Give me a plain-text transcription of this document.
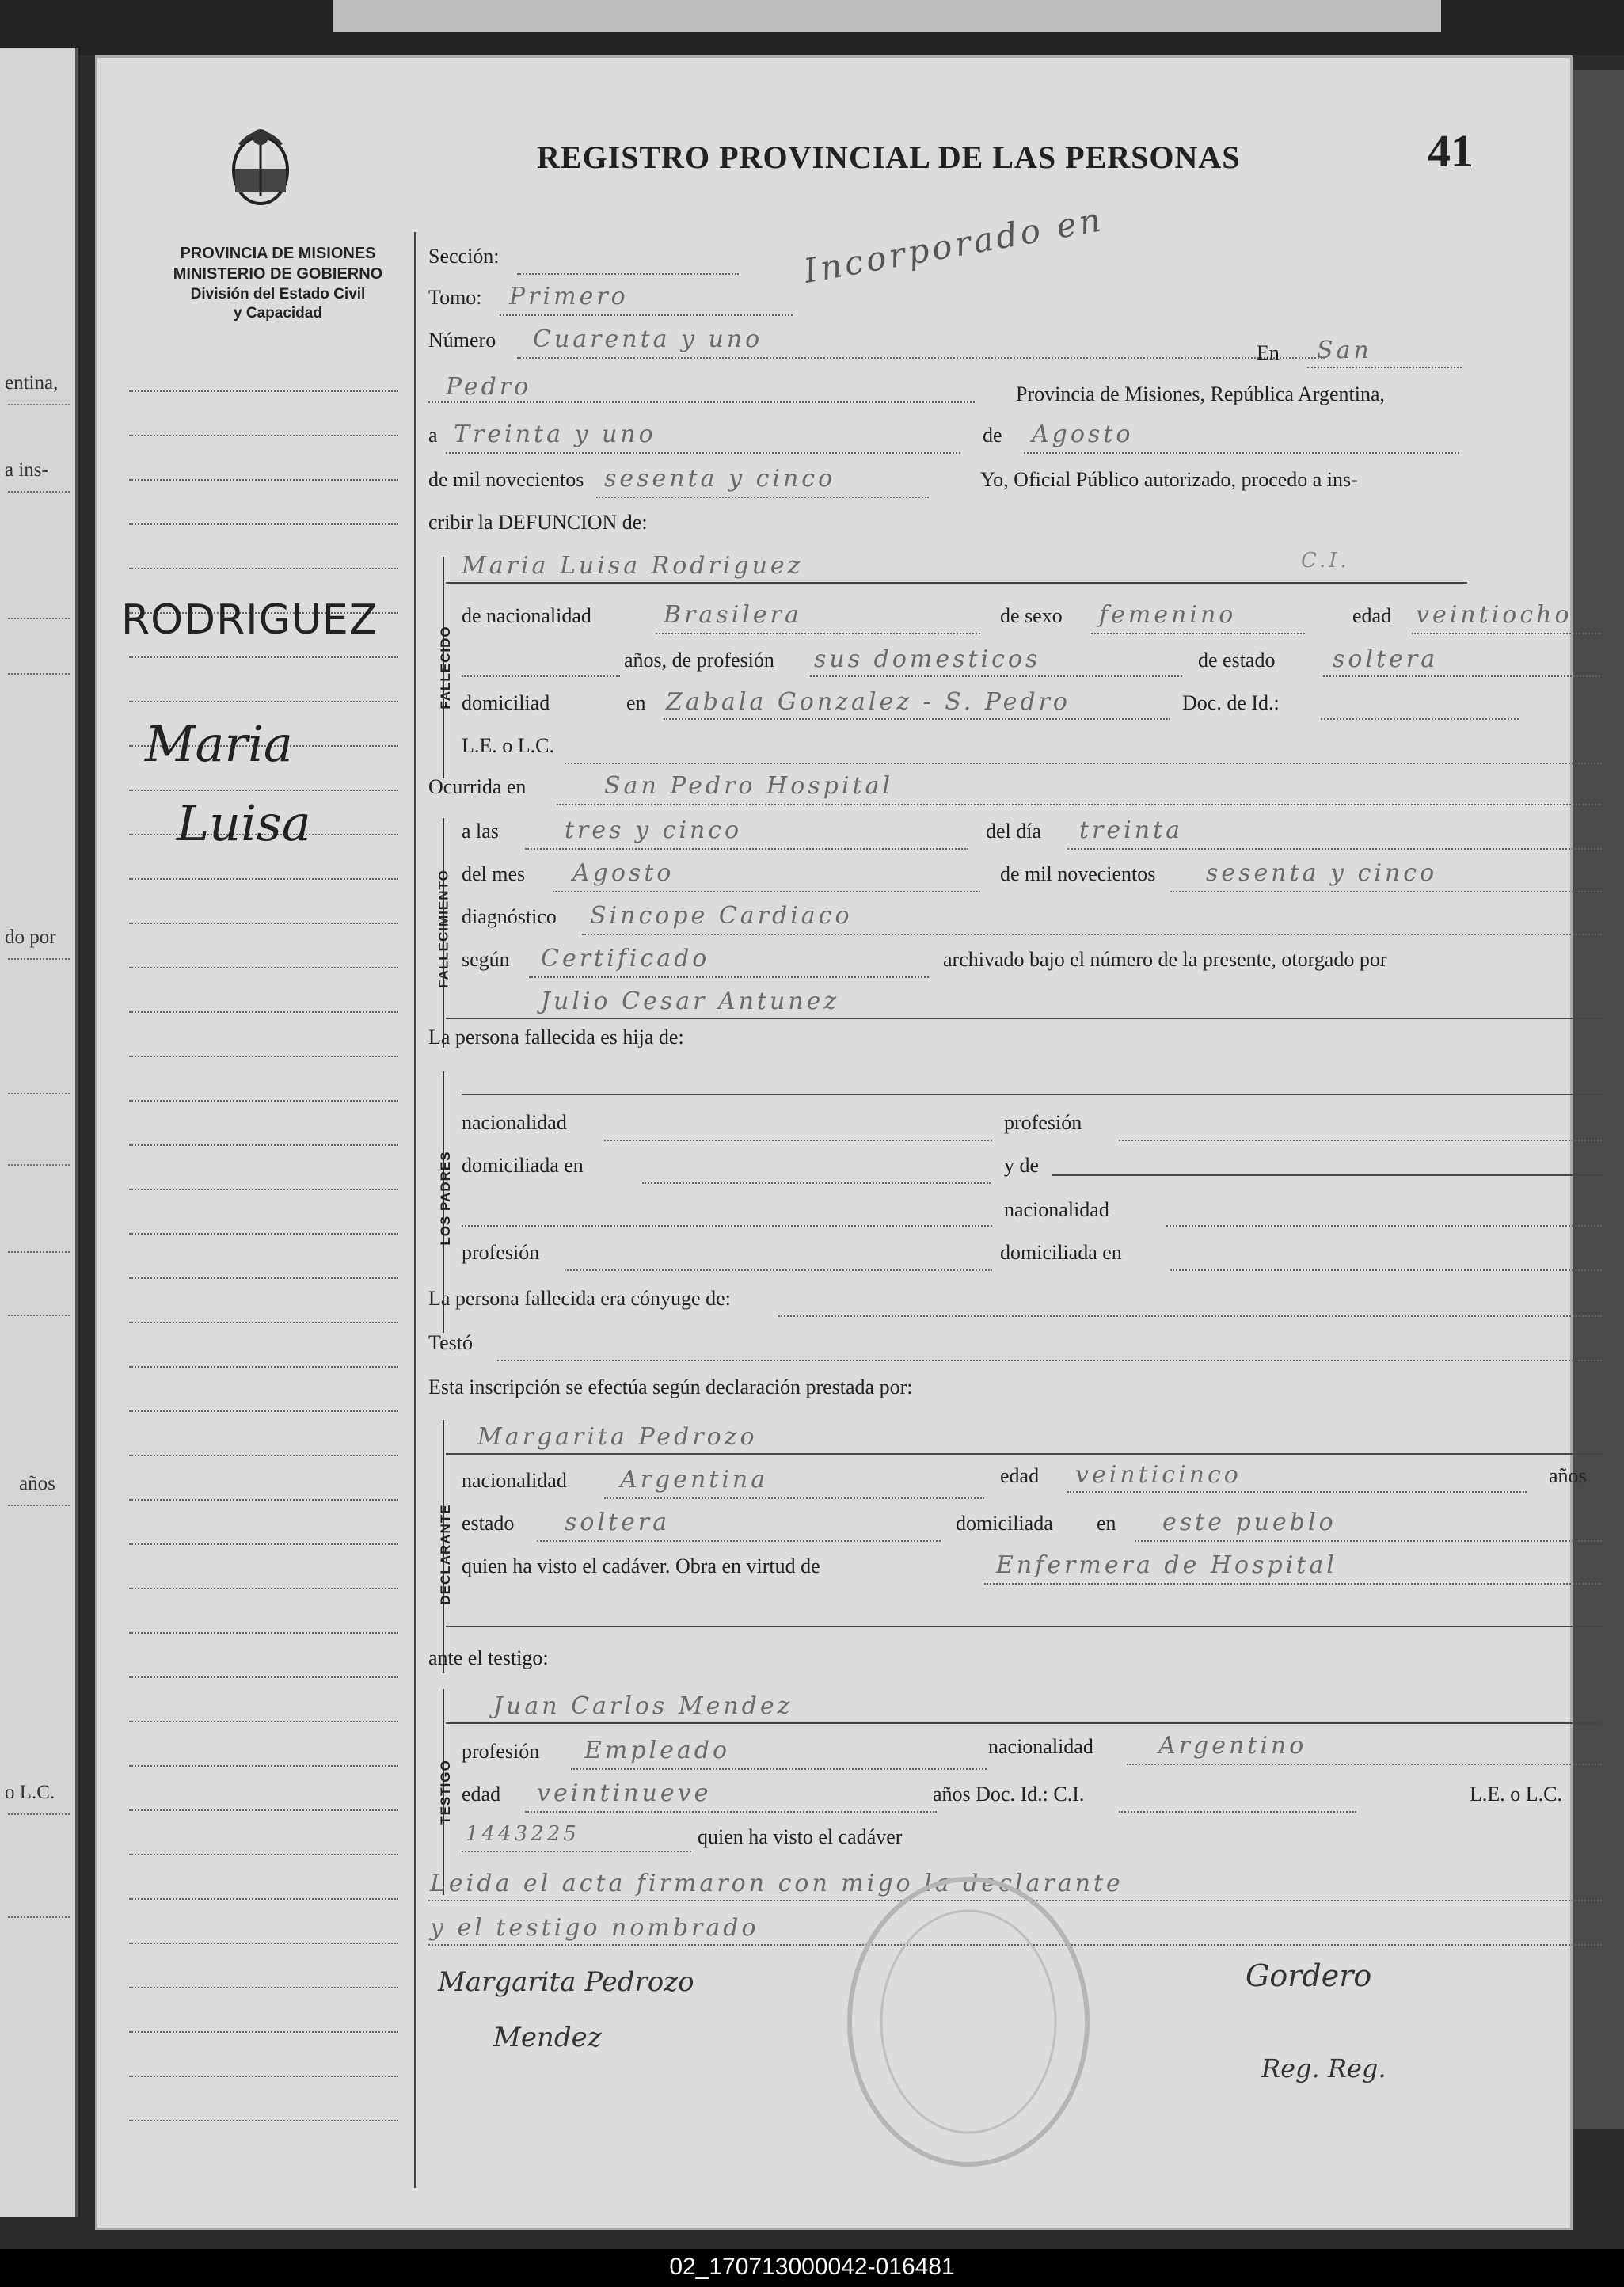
entina,
a ins-
do por
años
o L.C.
PROVINCIA DE MISIONES
MINISTERIO DE GOBIERNO
División del Estado Civil
y Capacidad
REGISTRO PROVINCIAL DE LAS PERSONAS	41
Incorporado en
RODRIGUEZ
Maria
Luisa
Sección:
Tomo: Primero
Número Cuarenta y uno	En San
Pedro	Provincia de Misiones, República Argentina,
a Treinta y uno	de Agosto
de mil novecientos sesenta y cinco	Yo, Oficial Público autorizado, procedo a ins-
cribir la DEFUNCION de:
FALLECIDO
Maria Luisa Rodriguez	C.I.
de nacionalidad	Brasilera	de sexo femenino	edad veintiocho
años, de profesión sus domesticos	de estado soltera
domiciliad	en Zabala Gonzalez - S. Pedro	Doc. de Id.:
L.E. o L.C.
Ocurrida en	San Pedro Hospital
FALLECIMIENTO
a las	tres y cinco	del día treinta
del mes Agosto	de mil novecientos sesenta y cinco
diagnóstico Sincope Cardiaco
según Certificado	archivado bajo el número de la presente, otorgado por
Julio Cesar Antunez
La persona fallecida es hija de:
LOS PADRES
nacionalidad	profesión
domiciliada en	y de
nacionalidad
profesión	domiciliada en
La persona fallecida era cónyuge de:
Testó
Esta inscripción se efectúa según declaración prestada por:
DECLARANTE
Margarita Pedrozo
nacionalidad Argentina	edad veinticinco	años
estado soltera	domiciliada en este pueblo
quien ha visto el cadáver. Obra en virtud de	Enfermera de Hospital
ante el testigo:
TESTIGO
Juan Carlos Mendez
profesión Empleado	nacionalidad	Argentino
edad veintinueve	años Doc. Id.: C.I.	L.E. o L.C.
1443225	quien ha visto el cadáver
Leida el acta firmaron con migo la declarante
y el testigo nombrado
Margarita Pedrozo
Mendez
Gordero
Reg. Reg.
02_170713000042-016481
